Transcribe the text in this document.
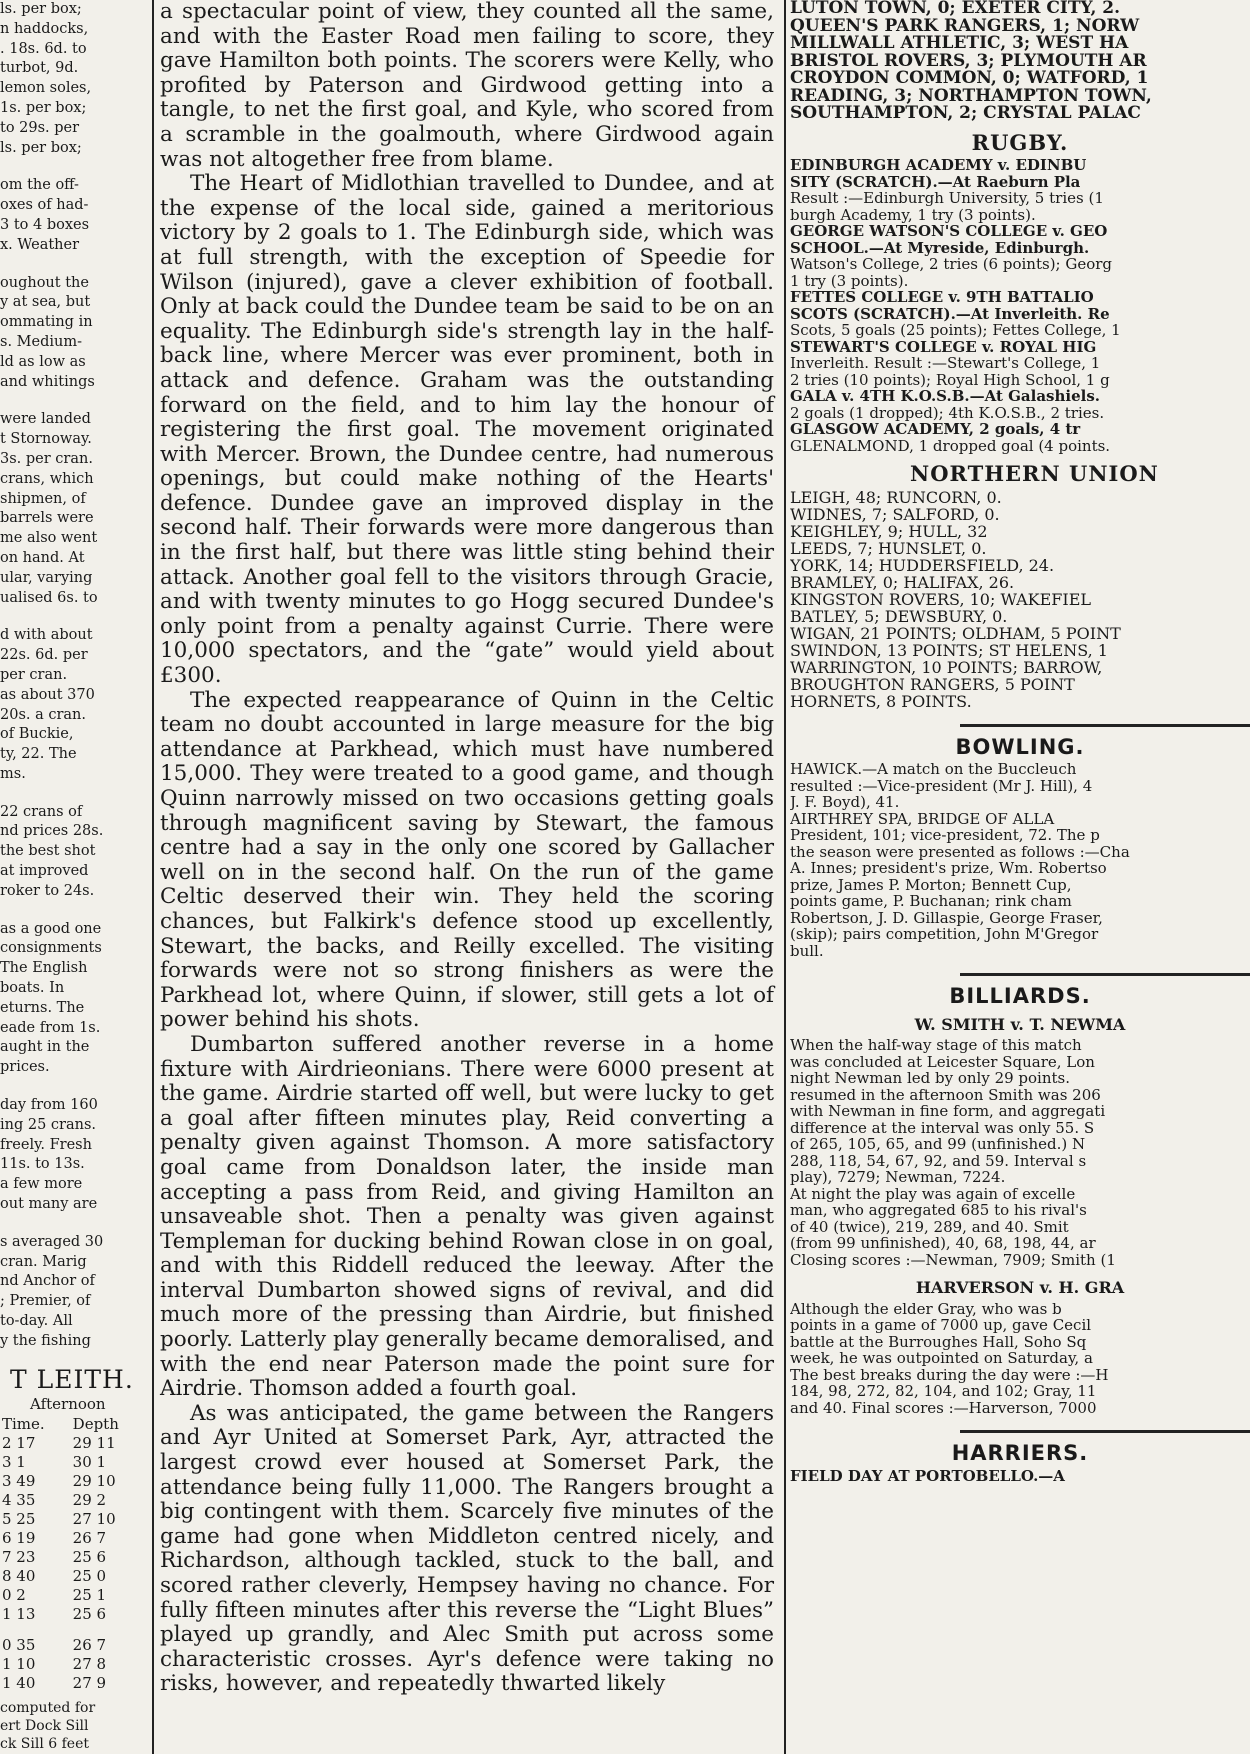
ls. per box;
n haddocks,
. 18s. 6d. to
turbot, 9d.
lemon soles,
1s. per box;
to 29s. per
ls. per box;
om the off-
oxes of had-
3 to 4 boxes
x. Weather
oughout the
y at sea, but
ommating in
s. Medium-
ld as low as
and whitings
were landed
t Stornoway.
3s. per cran.
crans, which
shipmen, of
barrels were
me also went
on hand. At
ular, varying
ualised 6s. to
d with about
22s. 6d. per
per cran.
as about 370
20s. a cran.
of Buckie,
ty, 22. The
ms.
22 crans of
nd prices 28s.
the best shot
at improved
roker to 24s.
as a good one
consignments
The English
boats. In
eturns. The
eade from 1s.
aught in the
prices.
day from 160
ing 25 crans.
freely. Fresh
11s. to 13s.
a few more
out many are
s averaged 30
cran. Marig
nd Anchor of
; Premier, of
to-day. All
y the fishing
T LEITH.
Afternoon
Time.	Depth
2 17	29 11
3 1	30 1
3 49	29 10
4 35	29 2
5 25	27 10
6 19	26 7
7 23	25 6
8 40	25 0
0 2	25 1
1 13	25 6

0 35	26 7
1 10	27 8
1 40	27 9
computed for
ert Dock Sill
ck Sill 6 feet

a spectacular point of view, they counted all the same, and with the Easter Road men failing to score, they gave Hamilton both points. The scorers were Kelly, who profited by Paterson and Girdwood getting into a tangle, to net the first goal, and Kyle, who scored from a scramble in the goalmouth, where Girdwood again was not altogether free from blame.

The Heart of Midlothian travelled to Dundee, and at the expense of the local side, gained a meritorious victory by 2 goals to 1. The Edinburgh side, which was at full strength, with the exception of Speedie for Wilson (injured), gave a clever exhibition of football. Only at back could the Dundee team be said to be on an equality. The Edinburgh side's strength lay in the half-back line, where Mercer was ever prominent, both in attack and defence. Graham was the outstanding forward on the field, and to him lay the honour of registering the first goal. The movement originated with Mercer. Brown, the Dundee centre, had numerous openings, but could make nothing of the Hearts' defence. Dundee gave an improved display in the second half. Their forwards were more dangerous than in the first half, but there was little sting behind their attack. Another goal fell to the visitors through Gracie, and with twenty minutes to go Hogg secured Dundee's only point from a penalty against Currie. There were 10,000 spectators, and the “gate” would yield about £300.

The expected reappearance of Quinn in the Celtic team no doubt accounted in large measure for the big attendance at Parkhead, which must have numbered 15,000. They were treated to a good game, and though Quinn narrowly missed on two occasions getting goals through magnificent saving by Stewart, the famous centre had a say in the only one scored by Gallacher well on in the second half. On the run of the game Celtic deserved their win. They held the scoring chances, but Falkirk's defence stood up excellently, Stewart, the backs, and Reilly excelled. The visiting forwards were not so strong finishers as were the Parkhead lot, where Quinn, if slower, still gets a lot of power behind his shots.

Dumbarton suffered another reverse in a home fixture with Airdrieonians. There were 6000 present at the game. Airdrie started off well, but were lucky to get a goal after fifteen minutes play, Reid converting a penalty given against Thomson. A more satisfactory goal came from Donaldson later, the inside man accepting a pass from Reid, and giving Hamilton an unsaveable shot. Then a penalty was given against Templeman for ducking behind Rowan close in on goal, and with this Riddell reduced the leeway. After the interval Dumbarton showed signs of revival, and did much more of the pressing than Airdrie, but finished poorly. Latterly play generally became demoralised, and with the end near Paterson made the point sure for Airdrie. Thomson added a fourth goal.

As was anticipated, the game between the Rangers and Ayr United at Somerset Park, Ayr, attracted the largest crowd ever housed at Somerset Park, the attendance being fully 11,000. The Rangers brought a big contingent with them. Scarcely five minutes of the game had gone when Middleton centred nicely, and Richardson, although tackled, stuck to the ball, and scored rather cleverly, Hempsey having no chance. For fully fifteen minutes after this reverse the “Light Blues” played up grandly, and Alec Smith put across some characteristic crosses. Ayr's defence were taking no risks, however, and repeatedly thwarted likely

LUTON TOWN, 0; EXETER CITY, 2.
QUEEN'S PARK RANGERS, 1; NORW
MILLWALL ATHLETIC, 3; WEST HA
BRISTOL ROVERS, 3; PLYMOUTH AR
CROYDON COMMON, 0; WATFORD, 1
READING, 3; NORTHAMPTON TOWN,
SOUTHAMPTON, 2; CRYSTAL PALAC
RUGBY.
EDINBURGH ACADEMY v. EDINBU
SITY (SCRATCH).—At Raeburn Pla
Result :—Edinburgh University, 5 tries (1
burgh Academy, 1 try (3 points).
GEORGE WATSON'S COLLEGE v. GEO
SCHOOL.—At Myreside, Edinburgh.
Watson's College, 2 tries (6 points); Georg
1 try (3 points).
FETTES COLLEGE v. 9TH BATTALIO
SCOTS (SCRATCH).—At Inverleith. Re
Scots, 5 goals (25 points); Fettes College, 1
STEWART'S COLLEGE v. ROYAL HIG
Inverleith. Result :—Stewart's College, 1
2 tries (10 points); Royal High School, 1 g
GALA v. 4TH K.O.S.B.—At Galashiels.
2 goals (1 dropped); 4th K.O.S.B., 2 tries.
GLASGOW ACADEMY, 2 goals, 4 tr
GLENALMOND, 1 dropped goal (4 points.
NORTHERN UNION
LEIGH, 48; RUNCORN, 0.
WIDNES, 7; SALFORD, 0.
KEIGHLEY, 9; HULL, 32
LEEDS, 7; HUNSLET, 0.
YORK, 14; HUDDERSFIELD, 24.
BRAMLEY, 0; HALIFAX, 26.
KINGSTON ROVERS, 10; WAKEFIEL
BATLEY, 5; DEWSBURY, 0.
WIGAN, 21 POINTS; OLDHAM, 5 POINT
SWINDON, 13 POINTS; ST HELENS, 1
WARRINGTON, 10 POINTS; BARROW,
BROUGHTON RANGERS, 5 POINT
HORNETS, 8 POINTS.
BOWLING.
HAWICK.—A match on the Buccleuch
resulted :—Vice-president (Mr J. Hill), 4
J. F. Boyd), 41.
AIRTHREY SPA, BRIDGE OF ALLA
President, 101; vice-president, 72. The p
the season were presented as follows :—Cha
A. Innes; president's prize, Wm. Robertso
prize, James P. Morton; Bennett Cup,
points game, P. Buchanan; rink cham
Robertson, J. D. Gillaspie, George Fraser,
(skip); pairs competition, John M'Gregor
bull.
BILLIARDS.
W. SMITH v. T. NEWMA
When the half-way stage of this match
was concluded at Leicester Square, Lon
night Newman led by only 29 points.
resumed in the afternoon Smith was 206
with Newman in fine form, and aggregati
difference at the interval was only 55. S
of 265, 105, 65, and 99 (unfinished.) N
288, 118, 54, 67, 92, and 59. Interval s
play), 7279; Newman, 7224.
At night the play was again of excelle
man, who aggregated 685 to his rival's
of 40 (twice), 219, 289, and 40. Smit
(from 99 unfinished), 40, 68, 198, 44, ar
Closing scores :—Newman, 7909; Smith (1
HARVERSON v. H. GRA
Although the elder Gray, who was b
points in a game of 7000 up, gave Cecil
battle at the Burroughes Hall, Soho Sq
week, he was outpointed on Saturday, a
The best breaks during the day were :—H
184, 98, 272, 82, 104, and 102; Gray, 11
and 40. Final scores :—Harverson, 7000
HARRIERS.
FIELD DAY AT PORTOBELLO.—A
